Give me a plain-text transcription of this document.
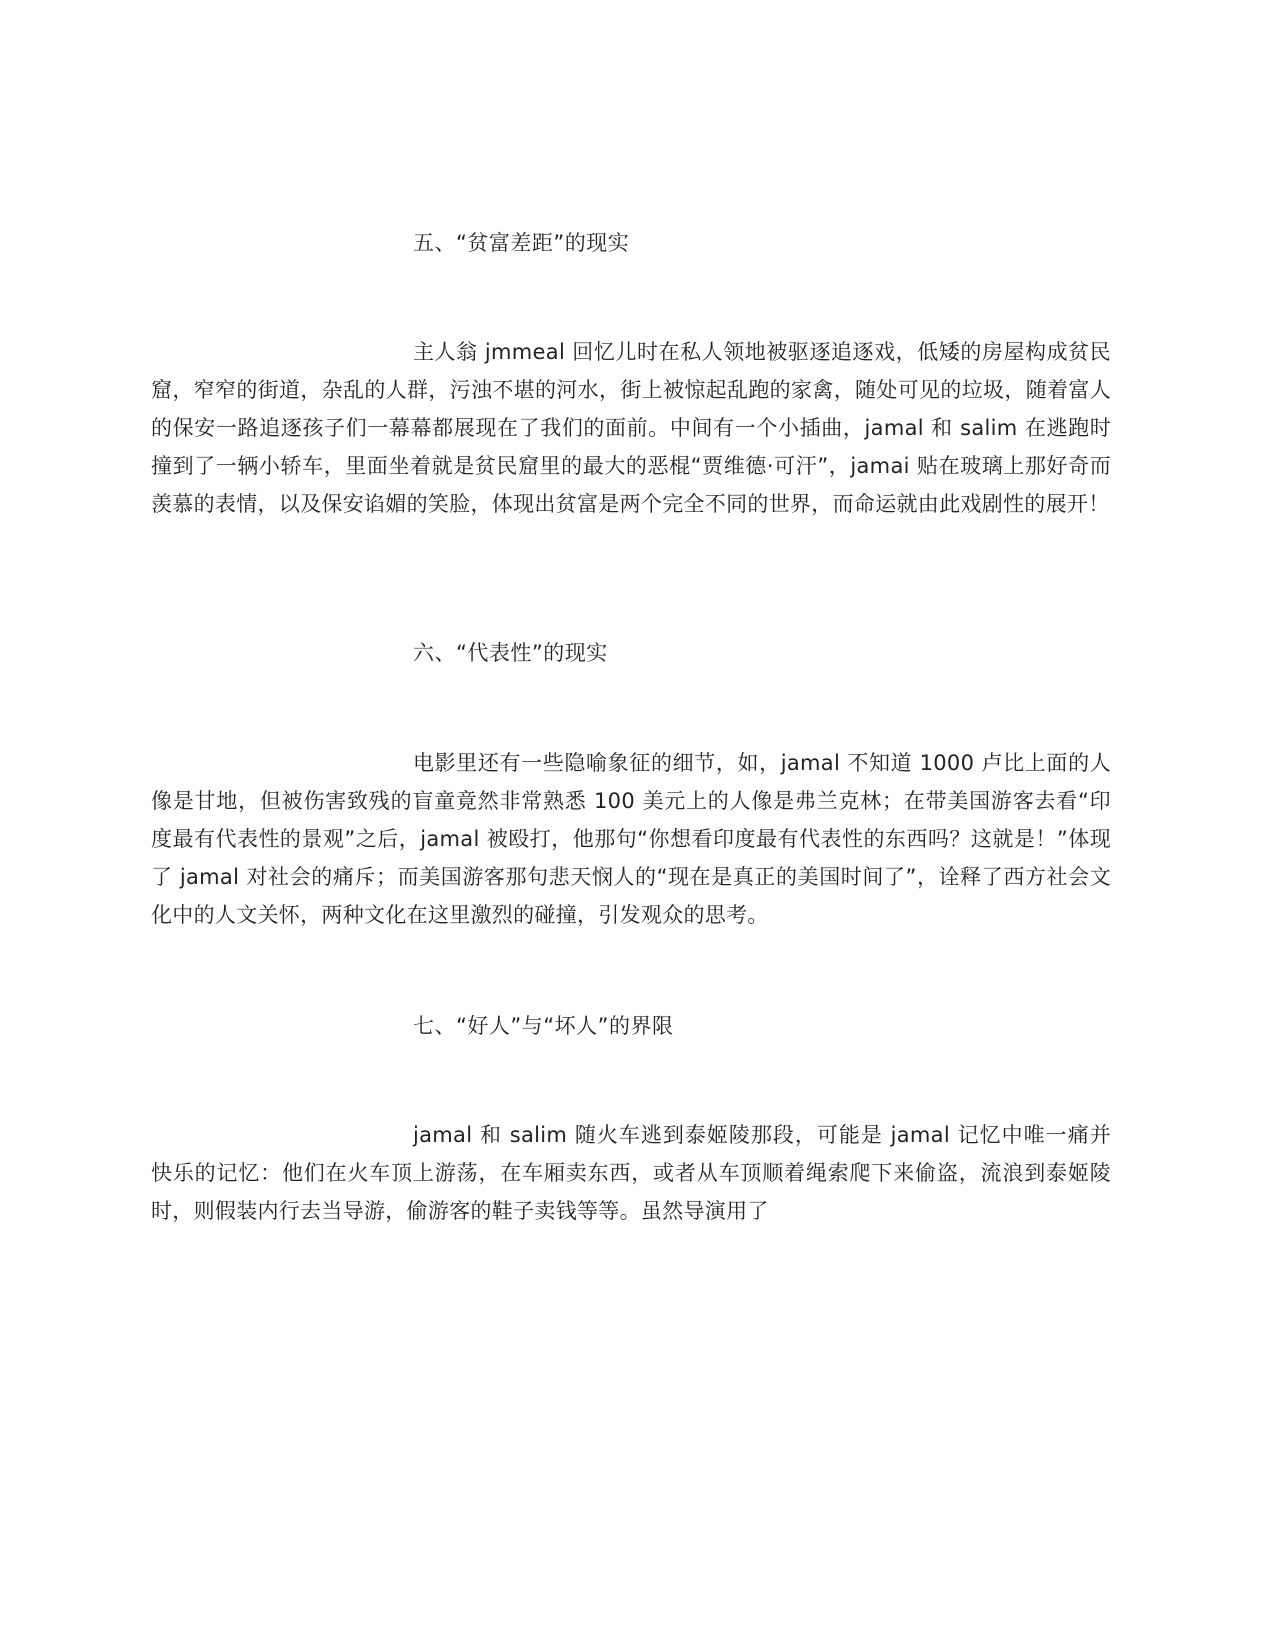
五、“贫富差距”的现实

主人翁 jmmeal 回忆儿时在私人领地被驱逐追逐戏，低矮的房屋构成贫民窟，窄窄的街道，杂乱的人群，污浊不堪的河水，街上被惊起乱跑的家禽，随处可见的垃圾，随着富人的保安一路追逐孩子们一幕幕都展现在了我们的面前。中间有一个小插曲，jamal 和 salim 在逃跑时撞到了一辆小轿车，里面坐着就是贫民窟里的最大的恶棍“贾维德·可汗”，jamai 贴在玻璃上那好奇而羡慕的表情，以及保安谄媚的笑脸，体现出贫富是两个完全不同的世界，而命运就由此戏剧性的展开！

六、“代表性”的现实

电影里还有一些隐喻象征的细节，如，jamal 不知道 1000 卢比上面的人像是甘地，但被伤害致残的盲童竟然非常熟悉 100 美元上的人像是弗兰克林；在带美国游客去看“印度最有代表性的景观”之后，jamal 被殴打，他那句“你想看印度最有代表性的东西吗？这就是！”体现了 jamal 对社会的痛斥；而美国游客那句悲天悯人的“现在是真正的美国时间了”，诠释了西方社会文化中的人文关怀，两种文化在这里激烈的碰撞，引发观众的思考。

七、“好人”与“坏人”的界限

jamal 和 salim 随火车逃到泰姬陵那段，可能是 jamal 记忆中唯一痛并快乐的记忆：他们在火车顶上游荡，在车厢卖东西，或者从车顶顺着绳索爬下来偷盗，流浪到泰姬陵时，则假装内行去当导游，偷游客的鞋子卖钱等等。虽然导演用了
